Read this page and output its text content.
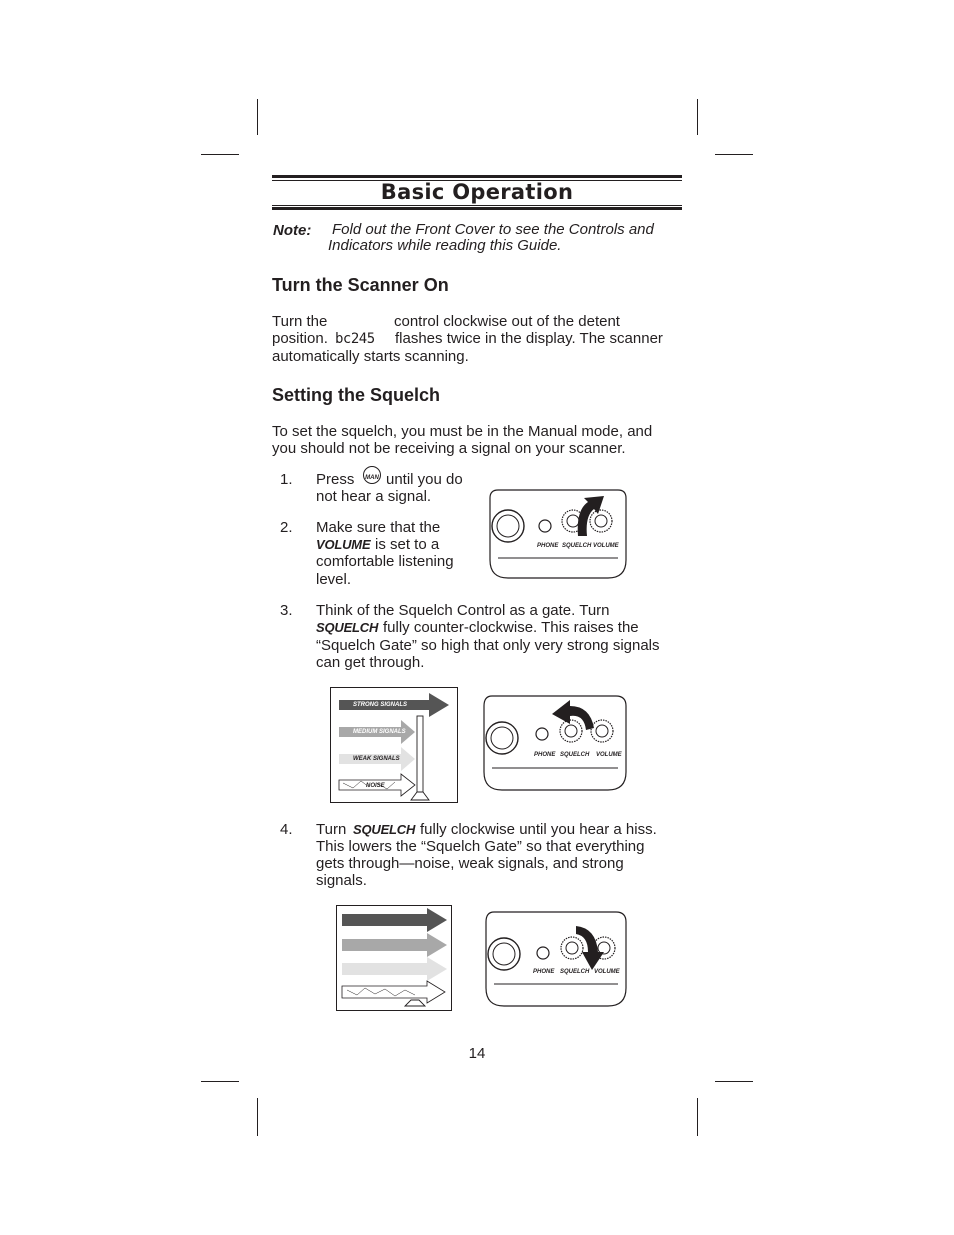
Basic Operation
Note: Fold out the Front Cover to see the Controls and
Indicators while reading this Guide.
Turn the Scanner On
Turn the	control clockwise out of the detent
position. bc245 flashes twice in the display. The scanner
automatically starts scanning.
Setting the Squelch
To set the squelch, you must be in the Manual mode, and
you should not be receiving a signal on your scanner.
1. Press	MAN until you do
not hear a signal.
2. Make sure that the
VOLUME is set to a
comfortable listening
level.
PHONE SQUELCH VOLUME
3. Think of the Squelch Control as a gate. Turn
SQUELCH fully counter-clockwise. This raises the
“Squelch Gate” so high that only very strong signals
can get through.
STRONG SIGNALS
MEDIUM SIGNALS
WEAK SIGNALS
NOISE
PHONE SQUELCH VOLUME
4. Turn SQUELCH fully clockwise until you hear a hiss.
This lowers the “Squelch Gate” so that everything
gets through—noise, weak signals, and strong
signals.
PHONE SQUELCH VOLUME
14
